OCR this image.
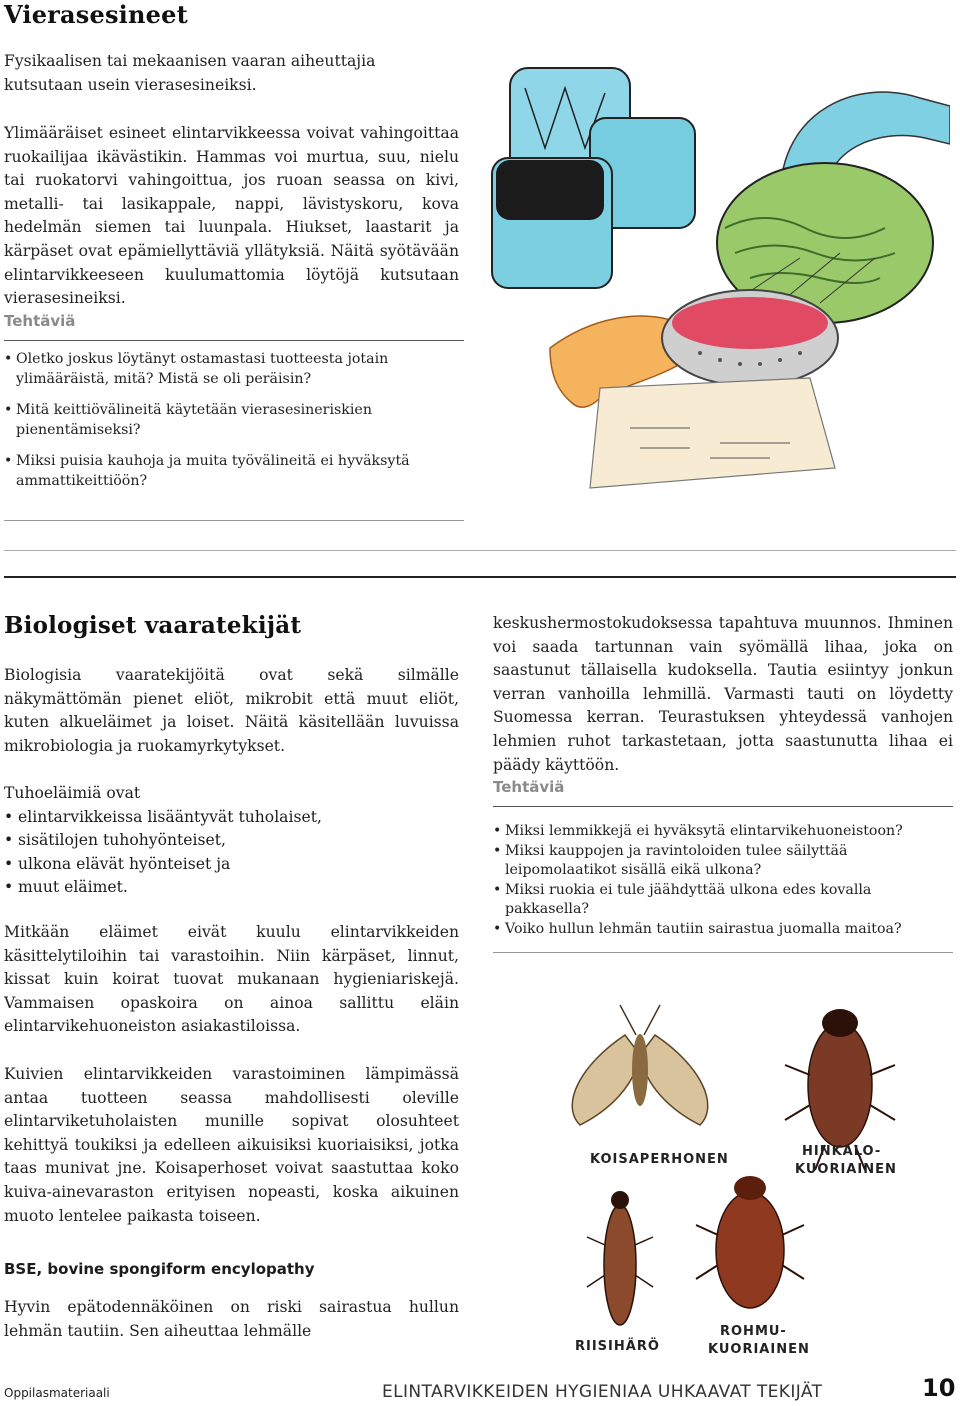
Vierasesineet

Fysikaalisen tai mekaanisen vaaran aiheuttajia kutsutaan usein vierasesineiksi.

Ylimääräiset esineet elintarvikkeessa voivat vahingoittaa ruokailijaa ikävästikin. Hammas voi murtua, suu, nielu tai ruokatorvi vahingoittua, jos ruoan seassa on kivi, metalli- tai lasikappale, nappi, lävistyskoru, kova hedelmän siemen tai luunpala. Hiukset, laastarit ja kärpäset ovat epämiellyttäviä yllätyksiä. Näitä syötävään elintarvikkeeseen kuulumattomia löytöjä kutsutaan vierasesineiksi.

Tehtäviä
• Oletko joskus löytänyt ostamastasi tuotteesta jotain ylimääräistä, mitä? Mistä se oli peräisin?
• Mitä keittiövälineitä käytetään vierasesineriskien pienentämiseksi?
• Miksi puisia kauhoja ja muita työvälineitä ei hyväksytä ammattikeittiöön?
Biologiset vaaratekijät

Biologisia vaaratekijöitä ovat sekä silmälle näkymättömän pienet eliöt, mikrobit että muut eliöt, kuten alkueläimet ja loiset. Näitä käsitellään luvuissa mikrobiologia ja ruokamyrkytykset.

Tuhoeläimiä ovat
• elintarvikkeissa lisääntyvät tuholaiset,
• sisätilojen tuhohyönteiset,
• ulkona elävät hyönteiset ja
• muut eläimet.

Mitkään eläimet eivät kuulu elintarvikkeiden käsittelytiloihin tai varastoihin. Niin kärpäset, linnut, kissat kuin koirat tuovat mukanaan hygieniariskejä. Vammaisen opaskoira on ainoa sallittu eläin elintarvikehuoneiston asiakastiloissa.

Kuivien elintarvikkeiden varastoiminen lämpimässä antaa tuotteen seassa mahdollisesti oleville elintarviketuholaisten munille sopivat olosuhteet kehittyä toukiksi ja edelleen aikuisiksi kuoriaisiksi, jotka taas munivat jne. Koisaperhoset voivat saastuttaa koko kuiva-ainevaraston erityisen nopeasti, koska aikuinen muoto lentelee paikasta toiseen.

BSE, bovine spongiform encylopathy

Hyvin epätodennäköinen on riski sairastua hullun lehmän tautiin. Sen aiheuttaa lehmälle

keskushermostokudoksessa tapahtuva muunnos. Ihminen voi saada tartunnan vain syömällä lihaa, joka on saastunut tällaisella kudoksella. Tautia esiintyy jonkun verran vanhoilla lehmillä. Varmasti tauti on löydetty Suomessa kerran. Teurastuksen yhteydessä vanhojen lehmien ruhot tarkastetaan, jotta saastunutta lihaa ei päädy käyttöön.

Tehtäviä
• Miksi lemmikkejä ei hyväksytä elintarvikehuoneistoon?
• Miksi kauppojen ja ravintoloiden tulee säilyttää leipomolaatikot sisällä eikä ulkona?
• Miksi ruokia ei tule jäähdyttää ulkona edes kovalla pakkasella?
• Voiko hullun lehmän tautiin sairastua juomalla maitoa?
KOISAPERHONEN
HINKALO-
KUORIAINEN
RIISIHÄRÖ
ROHMU-
KUORIAINEN
Oppilasmateriaali	ELINTARVIKKEIDEN HYGIENIAA UHKAAVAT TEKIJÄT	10
